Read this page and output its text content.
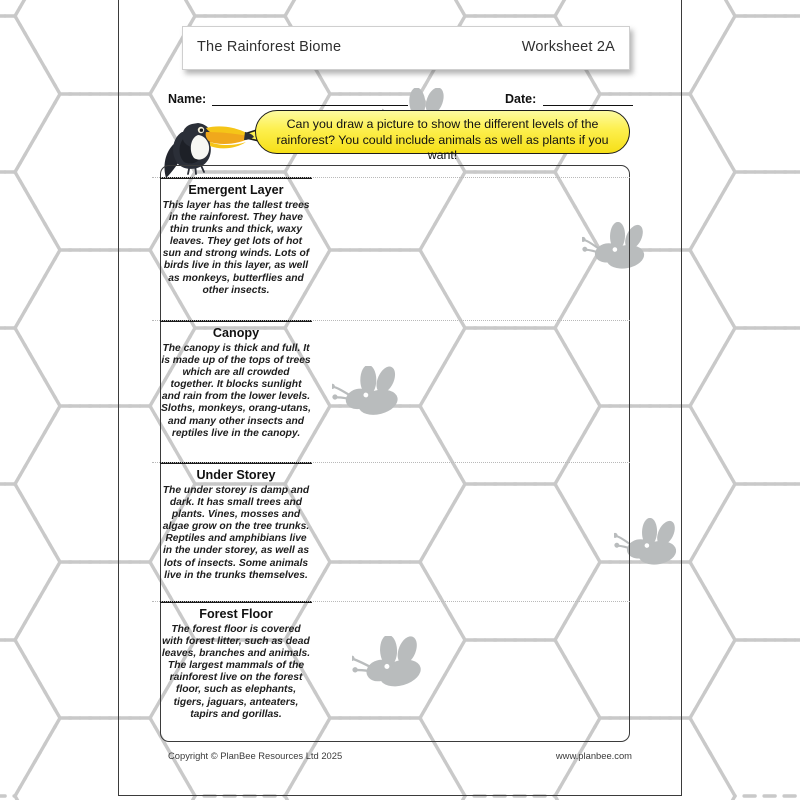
The Rainforest Biome	Worksheet 2A
Name:	Date:
Can you draw a picture to show the different levels of the
rainforest? You could include animals as well as plants if you want!
Emergent Layer
This layer has the tallest trees in the rainforest. They have thin trunks and thick, waxy leaves. They get lots of hot sun and strong winds. Lots of birds live in this layer, as well as monkeys, butterflies and other insects.
Canopy
The canopy is thick and full. It is made up of the tops of trees which are all crowded together. It blocks sunlight and rain from the lower levels. Sloths, monkeys, orang-utans, and many other insects and reptiles live in the canopy.
Under Storey
The under storey is damp and dark. It has small trees and plants. Vines, mosses and algae grow on the tree trunks. Reptiles and amphibians live in the under storey, as well as lots of insects. Some animals live in the trunks themselves.
Forest Floor
The forest floor is covered with forest litter, such as dead leaves, branches and animals. The largest mammals of the rainforest live on the forest floor, such as elephants, tigers, jaguars, anteaters, tapirs and gorillas.
Copyright © PlanBee Resources Ltd 2025	www.planbee.com
